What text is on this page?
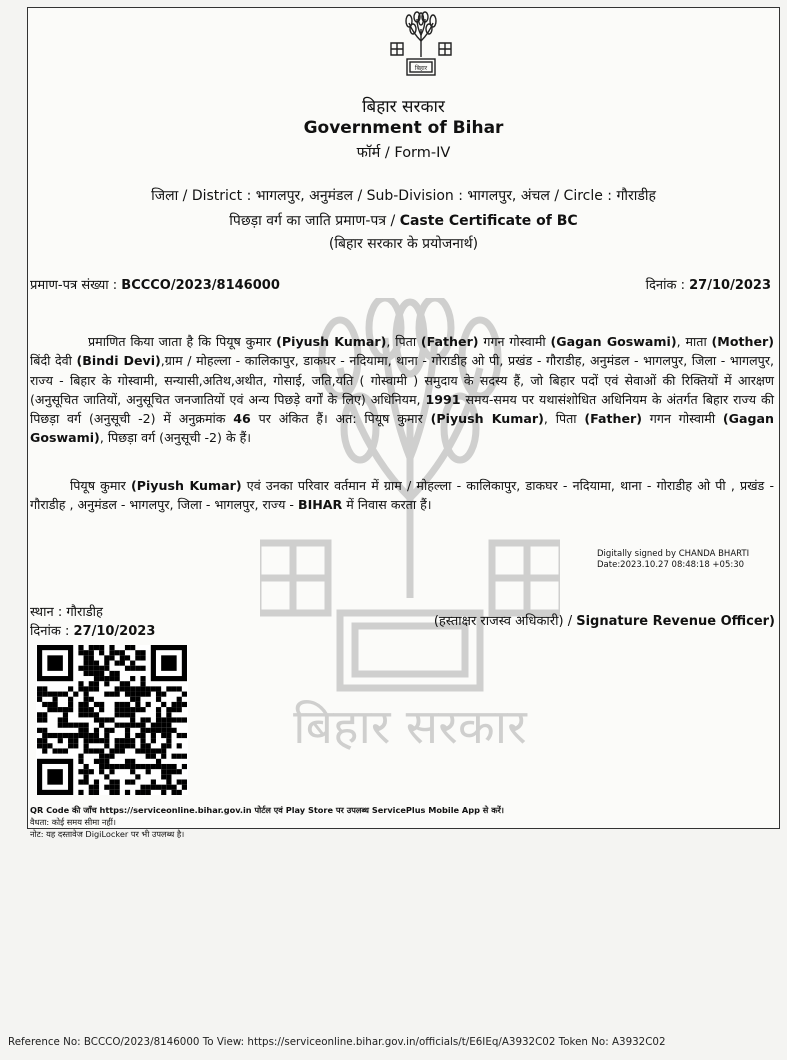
बिहार
बिहार सरकार
बिहार सरकार
Government of Bihar
फॉर्म / Form-IV
जिला / District : भागलपुर, अनुमंडल / Sub-Division : भागलपुर, अंचल / Circle : गौराडीह
पिछड़ा वर्ग का जाति प्रमाण-पत्र / Caste Certificate of BC
(बिहार सरकार के प्रयोजनार्थ)
प्रमाण-पत्र संख्या : BCCCO/2023/8146000	दिनांक : 27/10/2023
प्रमाणित किया जाता है कि पियूष कुमार (Piyush Kumar), पिता (Father) गगन गोस्वामी (Gagan Goswami), माता (Mother) बिंदी देवी (Bindi Devi),ग्राम / मोहल्ला - कालिकापुर, डाकघर - नदियामा, थाना - गोराडीह ओ पी, प्रखंड - गौराडीह, अनुमंडल - भागलपुर, जिला - भागलपुर, राज्य - बिहार के गोस्वामी, सन्यासी,अतिथ,अथीत, गोसाई, जति,यति ( गोस्वामी ) समुदाय के सदस्य हैं, जो बिहार पदों एवं सेवाओं की रिक्तियों में आरक्षण (अनुसूचित जातियों, अनुसूचित जनजातियों एवं अन्य पिछड़े वर्गों के लिए) अधिनियम, 1991 समय-समय पर यथासंशोधित अधिनियम के अंतर्गत बिहार राज्य की पिछड़ा वर्ग (अनुसूची -2) में अनुक्रमांक 46 पर अंकित हैं। अत: पियूष कुमार (Piyush Kumar), पिता (Father) गगन गोस्वामी (Gagan Goswami), पिछड़ा वर्ग (अनुसूची -2) के हैं।
पियूष कुमार (Piyush Kumar) एवं उनका परिवार वर्तमान में ग्राम / मोहल्ला - कालिकापुर, डाकघर - नदियामा, थाना - गोराडीह ओ पी , प्रखंड - गौराडीह , अनुमंडल - भागलपुर, जिला - भागलपुर, राज्य - BIHAR में निवास करता हैं।
Digitally signed by CHANDA BHARTI
Date:2023.10.27 08:48:18 +05:30
स्थान : गौराडीह
दिनांक : 27/10/2023
(हस्ताक्षर राजस्व अधिकारी) / Signature Revenue Officer)
QR Code की जाँच https://serviceonline.bihar.gov.in पोर्टल एवं Play Store पर उपलब्ध ServicePlus Mobile App से करें।
वैधता: कोई समय सीमा नहीं।
नोट: यह दस्तावेज DigiLocker पर भी उपलब्ध है।
Reference No: BCCCO/2023/8146000 To View: https://serviceonline.bihar.gov.in/officials/t/E6IEq/A3932C02 Token No: A3932C02
